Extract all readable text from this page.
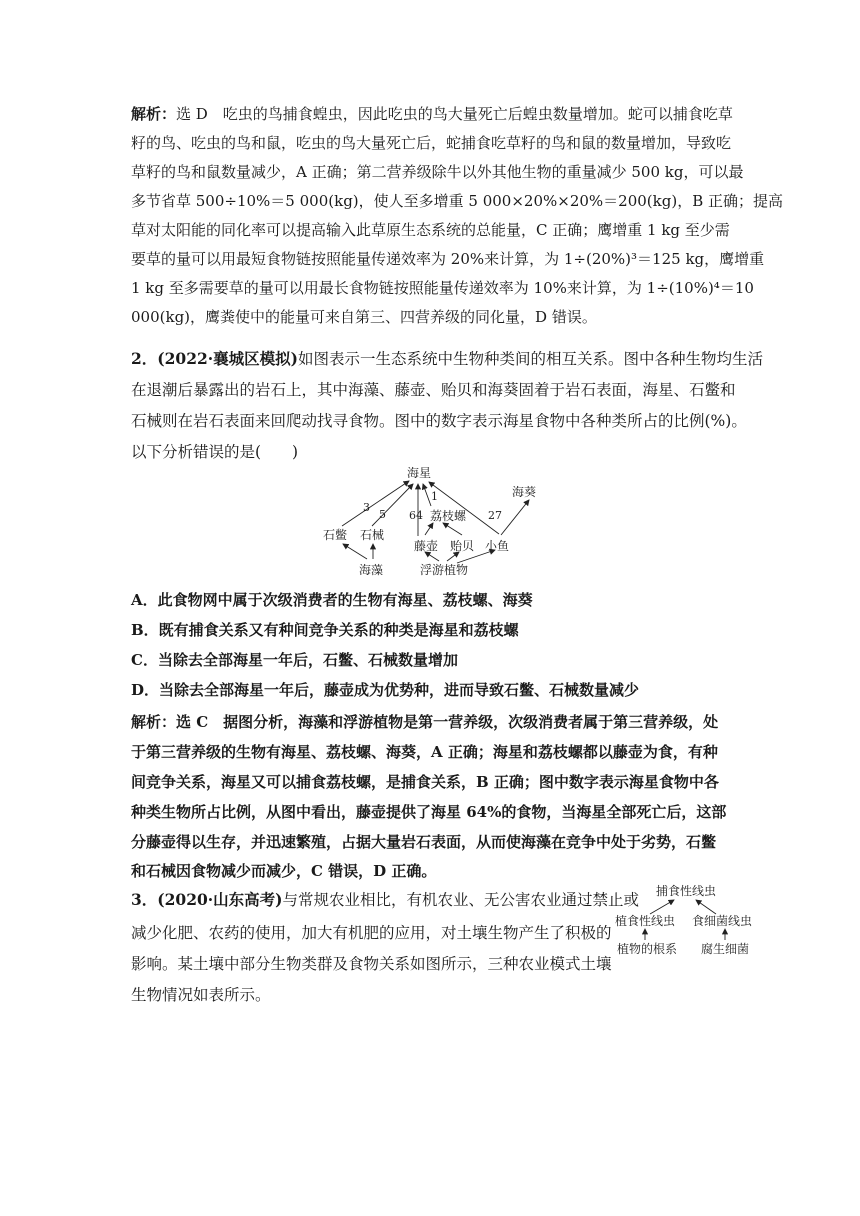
解析：选 D　吃虫的鸟捕食蝗虫，因此吃虫的鸟大量死亡后蝗虫数量增加。蛇可以捕食吃草
籽的鸟、吃虫的鸟和鼠，吃虫的鸟大量死亡后，蛇捕食吃草籽的鸟和鼠的数量增加，导致吃
草籽的鸟和鼠数量减少，A 正确；第二营养级除牛以外其他生物的重量减少 500 kg，可以最
多节省草 500÷10%＝5 000(kg)，使人至多增重 5 000×20%×20%＝200(kg)，B 正确；提高
草对太阳能的同化率可以提高输入此草原生态系统的总能量，C 正确；鹰增重 1 kg 至少需
要草的量可以用最短食物链按照能量传递效率为 20%来计算，为 1÷(20%)³＝125 kg，鹰增重
1 kg 至多需要草的量可以用最长食物链按照能量传递效率为 10%来计算，为 1÷(10%)⁴＝10
000(kg)，鹰粪使中的能量可来自第三、四营养级的同化量，D 错误。
2．(2022·襄城区模拟)如图表示一生态系统中生物种类间的相互关系。图中各种生物均生活
在退潮后暴露出的岩石上，其中海藻、藤壶、贻贝和海葵固着于岩石表面，海星、石鳖和
石械则在岩石表面来回爬动找寻食物。图中的数字表示海星食物中各种类所占的比例(%)。
以下分析错误的是(　　)
海星
海葵
石鳖 石械
荔枝螺
藤壶 贻贝 小鱼
海藻	浮游植物
3
5 64
1
27
A．此食物网中属于次级消费者的生物有海星、荔枝螺、海葵
B．既有捕食关系又有种间竞争关系的种类是海星和荔枝螺
C．当除去全部海星一年后，石鳖、石械数量增加
D．当除去全部海星一年后，藤壶成为优势种，进而导致石鳖、石械数量减少
解析：选 C　据图分析，海藻和浮游植物是第一营养级，次级消费者属于第三营养级，处
于第三营养级的生物有海星、荔枝螺、海葵，A 正确；海星和荔枝螺都以藤壶为食，有种
间竞争关系，海星又可以捕食荔枝螺，是捕食关系，B 正确；图中数字表示海星食物中各
种类生物所占比例，从图中看出，藤壶提供了海星 64%的食物，当海星全部死亡后，这部
分藤壶得以生存，并迅速繁殖，占据大量岩石表面，从而使海藻在竞争中处于劣势，石鳖
和石械因食物减少而减少，C 错误，D 正确。
3．(2020·山东高考)与常规农业相比，有机农业、无公害农业通过禁止或
减少化肥、农药的使用，加大有机肥的应用，对土壤生物产生了积极的
影响。某土壤中部分生物类群及食物关系如图所示，三种农业模式土壤
生物情况如表所示。
捕食性线虫
植食性线虫 食细菌线虫
植物的根系 腐生细菌
